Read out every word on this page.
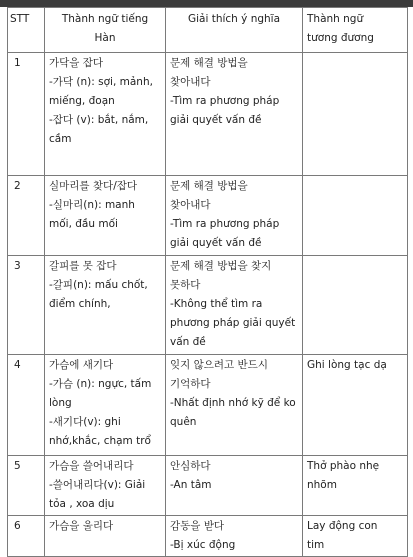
STT	Thành ngữ tiếng
Hàn	Giải thích ý nghĩa	Thành ngữ
tương đương

1	가닥을 잡다
-가닥 (n): sợi, mảnh,
miếng, đoạn
-잡다 (v): bắt, nắm,
cầm	문제 해결 방법을
찾아내다
-Tìm ra phương pháp
giải quyết vấn đề	

2	실마리를 찾다/잡다
-실마리(n): manh
mối, đầu mối	문제 해결 방법을
찾아내다
-Tìm ra phương pháp
giải quyết vấn đề	

3	갈피를 못 잡다
-갈피(n): mấu chốt,
điểm chính,	문제 해결 방법을 찾지
못하다
-Không thể tìm ra
phương pháp giải quyết
vấn đề	

4	가슴에 새기다
-가슴 (n): ngực, tấm
lòng
-새기다(v): ghi
nhớ,khắc, chạm trổ	잊지 않으려고 반드시
기억하다
-Nhất định nhớ kỹ để ko
quên	Ghi lòng tạc dạ

5	가슴을 쓸어내리다
-쓸어내리다(v): Giải
tỏa , xoa dịu	안심하다
-An tâm	Thở phào nhẹ
nhõm

6	가슴을 울리다	감동을 받다
-Bị xúc động	Lay động con
tim
